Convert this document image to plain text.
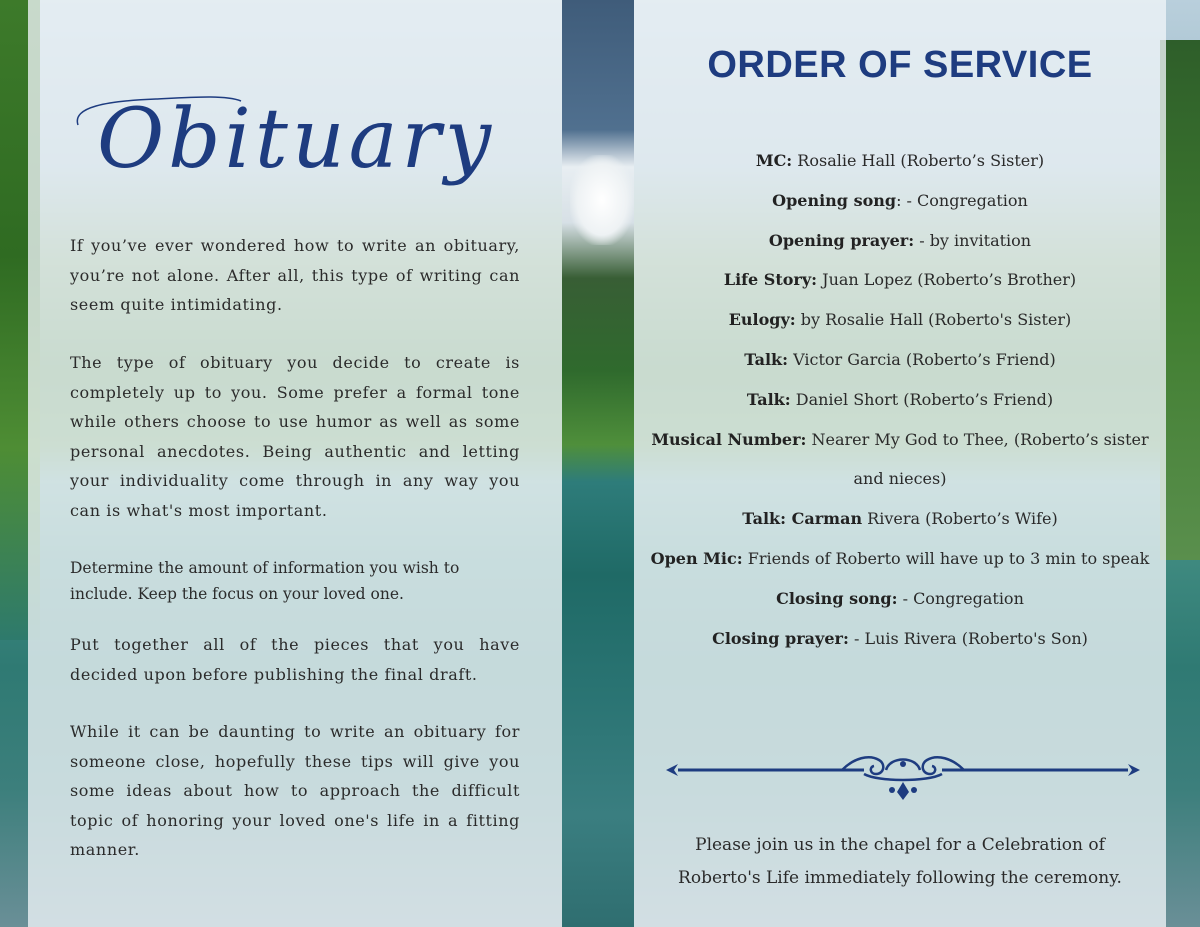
Obituary

If you’ve ever wondered how to write an obituary, you’re not alone. After all, this type of writing can seem quite intimidating.

The type of obituary you decide to create is completely up to you. Some prefer a formal tone while others choose to use humor as well as some personal anecdotes. Being authentic and letting your individuality come through in any way you can is what's most important.

Determine the amount of information you wish to include. Keep the focus on your loved one.

Put together all of the pieces that you have decided upon before publishing the final draft.

While it can be daunting to write an obituary for someone close, hopefully these tips will give you some ideas about how to approach the difficult topic of honoring your loved one's life in a fitting manner.

ORDER OF SERVICE
MC: Rosalie Hall (Roberto’s Sister)
Opening song: - Congregation
Opening prayer: - by invitation
Life Story: Juan Lopez (Roberto’s Brother)
Eulogy: by Rosalie Hall (Roberto's Sister)
Talk: Victor Garcia (Roberto’s Friend)
Talk: Daniel Short (Roberto’s Friend)
Musical Number: Nearer My God to Thee, (Roberto’s sister and nieces)
Talk: Carman Rivera (Roberto’s Wife)
Open Mic: Friends of Roberto will have up to 3 min to speak
Closing song: - Congregation
Closing prayer: - Luis Rivera (Roberto's Son)

Please join us in the chapel for a Celebration of Roberto's Life immediately following the ceremony.
